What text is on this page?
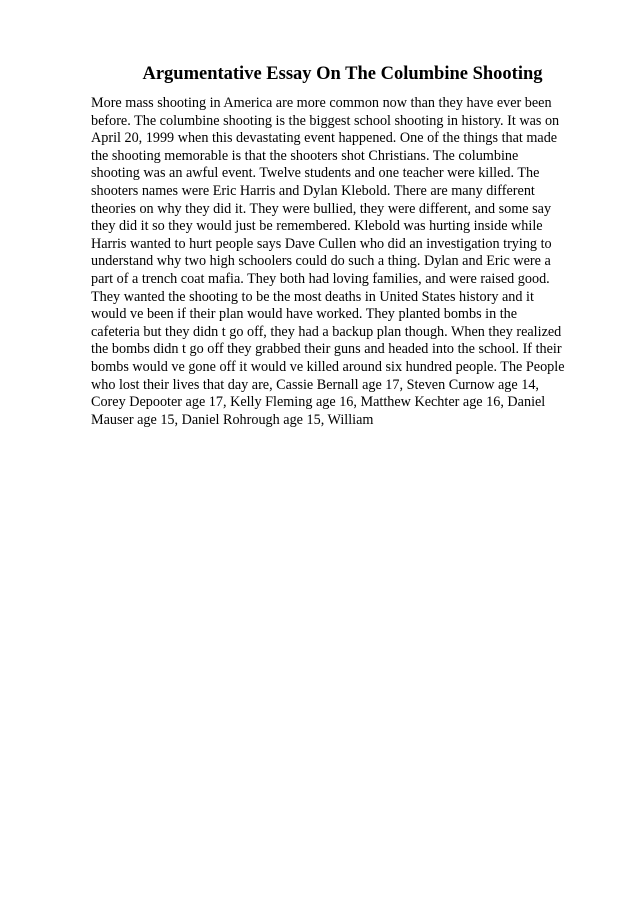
Argumentative Essay On The Columbine Shooting
More mass shooting in America are more common now than they have ever been
before. The columbine shooting is the biggest school shooting in history. It was on
April 20, 1999 when this devastating event happened. One of the things that made
the shooting memorable is that the shooters shot Christians. The columbine
shooting was an awful event. Twelve students and one teacher were killed. The
shooters names were Eric Harris and Dylan Klebold. There are many different
theories on why they did it. They were bullied, they were different, and some say
they did it so they would just be remembered. Klebold was hurting inside while
Harris wanted to hurt people says Dave Cullen who did an investigation trying to
understand why two high schoolers could do such a thing. Dylan and Eric were a
part of a trench coat mafia. They both had loving families, and were raised good.
They wanted the shooting to be the most deaths in United States history and it
would ve been if their plan would have worked. They planted bombs in the
cafeteria but they didn t go off, they had a backup plan though. When they realized
the bombs didn t go off they grabbed their guns and headed into the school. If their
bombs would ve gone off it would ve killed around six hundred people. The People
who lost their lives that day are, Cassie Bernall age 17, Steven Curnow age 14,
Corey Depooter age 17, Kelly Fleming age 16, Matthew Kechter age 16, Daniel
Mauser age 15, Daniel Rohrough age 15, William
